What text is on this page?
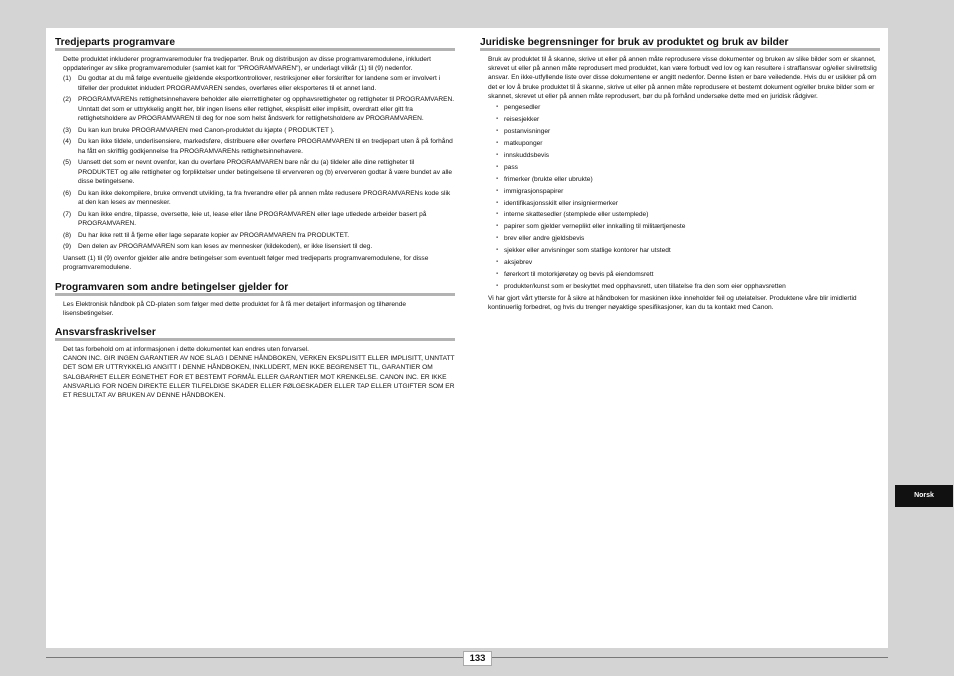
Tredjeparts programvare

Dette produktet inkluderer programvaremoduler fra tredjeparter. Bruk og distribusjon av disse programvaremodulene, inkludert oppdateringer av slike programvaremoduler (samlet kalt for "PROGRAMVAREN"), er underlagt vilkår (1) til (9) nedenfor.

(1)	Du godtar at du må følge eventuelle gjeldende eksportkontrollover, restriksjoner eller forskrifter for landene som er involvert i tilfeller der produktet inkludert PROGRAMVAREN sendes, overføres eller eksporteres til et annet land.
(2)	PROGRAMVARENs rettighetsinnehavere beholder alle eierrettigheter og opphavsrettigheter og rettigheter til PROGRAMVAREN. Unntatt det som er uttrykkelig angitt her, blir ingen lisens eller rettighet, eksplisitt eller implisitt, overdratt eller gitt fra rettighetsholdere av PROGRAMVAREN til deg for noe som helst åndsverk for rettighetsholdere av PROGRAMVAREN.
(3)	Du kan kun bruke PROGRAMVAREN med Canon-produktet du kjøpte ( PRODUKTET ).
(4)	Du kan ikke tildele, underlisensiere, markedsføre, distribuere eller overføre PROGRAMVAREN til en tredjepart uten å på forhånd ha fått en skriftlig godkjennelse fra PROGRAMVARENs rettighetsinnehavere.
(5)	Uansett det som er nevnt ovenfor, kan du overføre PROGRAMVAREN bare når du (a) tildeler alle dine rettigheter til PRODUKTET og alle rettigheter og forpliktelser under betingelsene til erververen og (b) erververen godtar å være bundet av alle disse betingelsene.
(6)	Du kan ikke dekompilere, bruke omvendt utvikling, ta fra hverandre eller på annen måte redusere PROGRAMVARENs kode slik at den kan leses av mennesker.
(7)	Du kan ikke endre, tilpasse, oversette, leie ut, lease eller låne PROGRAMVAREN eller lage utledede arbeider basert på PROGRAMVAREN.
(8)	Du har ikke rett til å fjerne eller lage separate kopier av PROGRAMVAREN fra PRODUKTET.
(9)	Den delen av PROGRAMVAREN som kan leses av mennesker (kildekoden), er ikke lisensiert til deg.

Uansett (1) til (9) ovenfor gjelder alle andre betingelser som eventuelt følger med tredjeparts programvaremodulene, for disse programvaremodulene.

Programvaren som andre betingelser gjelder for

Les Elektronisk håndbok på CD-platen som følger med dette produktet for å få mer detaljert informasjon og tilhørende lisensbetingelser.

Ansvarsfraskrivelser

Det tas forbehold om at informasjonen i dette dokumentet kan endres uten forvarsel.

CANON INC. GIR INGEN GARANTIER AV NOE SLAG I DENNE HÅNDBOKEN, VERKEN EKSPLISITT ELLER IMPLISITT, UNNTATT DET SOM ER UTTRYKKELIG ANGITT I DENNE HÅNDBOKEN, INKLUDERT, MEN IKKE BEGRENSET TIL, GARANTIER OM SALGBARHET ELLER EGNETHET FOR ET BESTEMT FORMÅL ELLER GARANTIER MOT KRENKELSE. CANON INC. ER IKKE ANSVARLIG FOR NOEN DIREKTE ELLER TILFELDIGE SKADER ELLER FØLGESKADER ELLER TAP ELLER UTGIFTER SOM ER ET RESULTAT AV BRUKEN AV DENNE HÅNDBOKEN.

Juridiske begrensninger for bruk av produktet og bruk av bilder

Bruk av produktet til å skanne, skrive ut eller på annen måte reprodusere visse dokumenter og bruken av slike bilder som er skannet, skrevet ut eller på annen måte reprodusert med produktet, kan være forbudt ved lov og kan resultere i straffansvar og/eller sivilrettslig ansvar. En ikke-utfyllende liste over disse dokumentene er angitt nedenfor. Denne listen er bare veiledende. Hvis du er usikker på om det er lov å bruke produktet til å skanne, skrive ut eller på annen måte reprodusere et bestemt dokument og/eller bruke bilder som er skannet, skrevet ut eller på annen måte reprodusert, bør du på forhånd undersøke dette med en juridisk rådgiver.

▪ pengesedler
▪ reisesjekker
▪ postanvisninger
▪ matkuponger
▪ innskuddsbevis
▪ pass
▪ frimerker (brukte eller ubrukte)
▪ immigrasjonspapirer
▪ identifikasjonsskilt eller insigniermerker
▪ interne skattesedler (stemplede eller ustemplede)
▪ papirer som gjelder verneplikt eller innkalling til militærtjeneste
▪ brev eller andre gjeldsbevis
▪ sjekker eller anvisninger som statlige kontorer har utstedt
▪ aksjebrev
▪ førerkort til motorkjøretøy og bevis på eiendomsrett
▪ produkter/kunst som er beskyttet med opphavsrett, uten tillatelse fra den som eier opphavsretten

Vi har gjort vårt ytterste for å sikre at håndboken for maskinen ikke inneholder feil og utelatelser. Produktene våre blir imidlertid kontinuerlig forbedret, og hvis du trenger nøyaktige spesifikasjoner, kan du ta kontakt med Canon.

133
Norsk
